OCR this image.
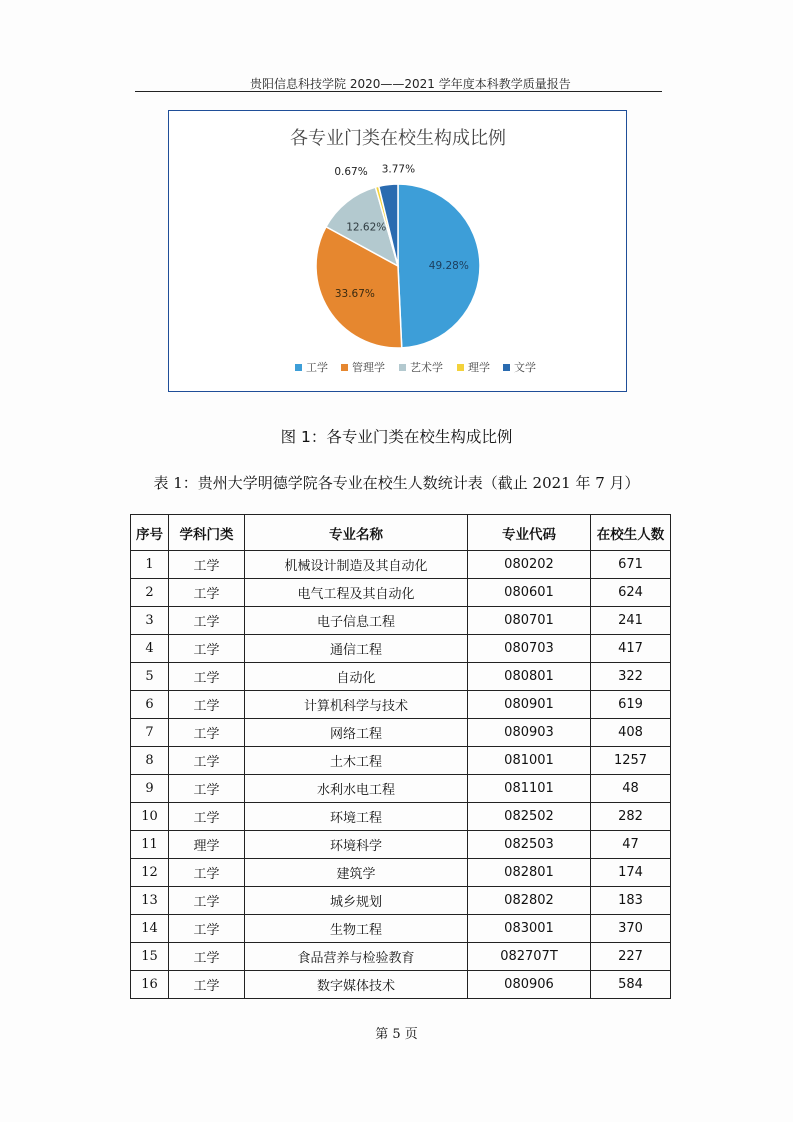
贵阳信息科技学院 2020——2021 学年度本科教学质量报告
各专业门类在校生构成比例
49.28%
33.67%
12.62%
0.67% 3.77%
工学 管理学 艺术学 理学 文学
图 1：各专业门类在校生构成比例
表 1：贵州大学明德学院各专业在校生人数统计表（截止 2021 年 7 月）
序号	学科门类	专业名称	专业代码	在校生人数
1	工学	机械设计制造及其自动化	080202	671
2	工学	电气工程及其自动化	080601	624
3	工学	电子信息工程	080701	241
4	工学	通信工程	080703	417
5	工学	自动化	080801	322
6	工学	计算机科学与技术	080901	619
7	工学	网络工程	080903	408
8	工学	土木工程	081001	1257
9	工学	水利水电工程	081101	48
10	工学	环境工程	082502	282
11	理学	环境科学	082503	47
12	工学	建筑学	082801	174
13	工学	城乡规划	082802	183
14	工学	生物工程	083001	370
15	工学	食品营养与检验教育	082707T	227
16	工学	数字媒体技术	080906	584
第 5 页
